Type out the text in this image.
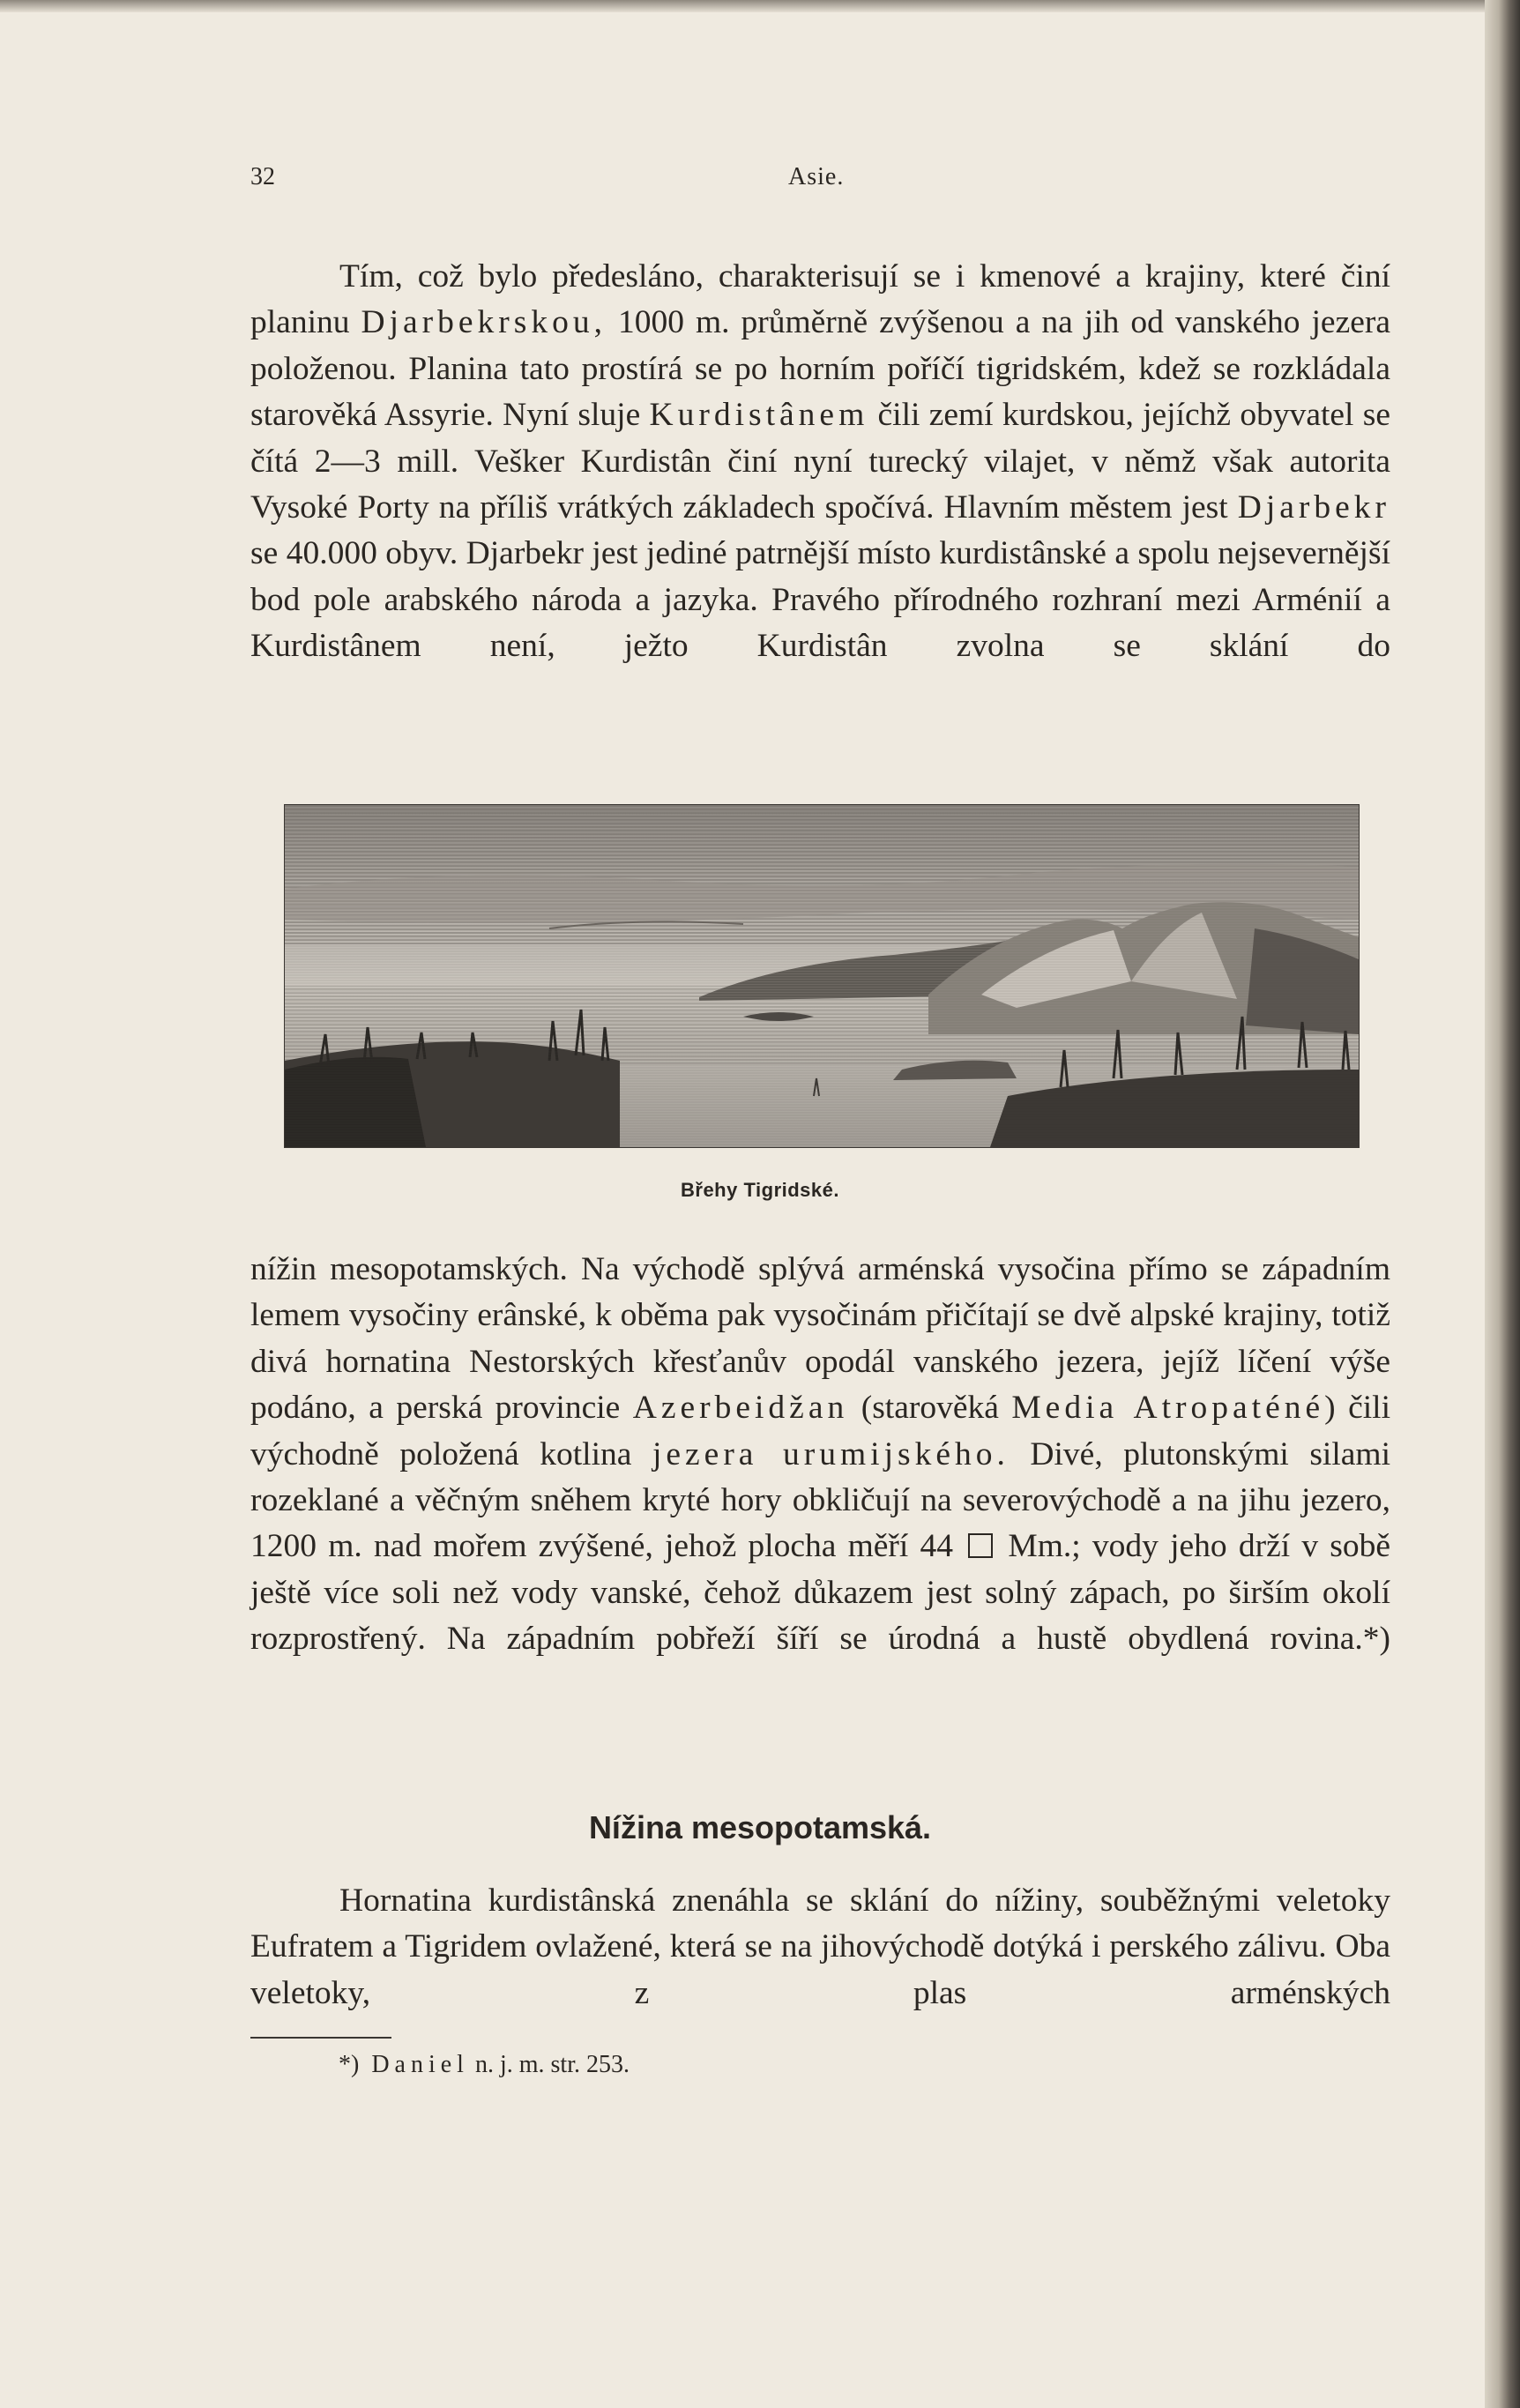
32	Asie.

Tím, což bylo předesláno, charakterisují se i kmenové a krajiny, které činí planinu Djarbekrskou, 1000 m. průměrně zvýšenou a na jih od vanského jezera položenou. Planina tato prostírá se po horním poříčí tigridském, kdež se rozkládala starověká Assyrie. Nyní sluje Kurdistânem čili zemí kurdskou, jejíchž obyvatel se čítá 2—3 mill. Vešker Kurdistân činí nyní turecký vilajet, v němž však autorita Vysoké Porty na příliš vrátkých základech spočívá. Hlavním městem jest Djarbekr se 40.000 obyv. Djarbekr jest jediné patrnější místo kurdistânské a spolu nejsevernější bod pole arabského národa a jazyka. Pravého přírodného rozhraní mezi Arménií a Kurdistânem není, ježto Kurdistân zvolna se sklání do

Břehy Tigridské.

nížin mesopotamských. Na východě splývá arménská vysočina přímo se západním lemem vysočiny erânské, k oběma pak vysočinám přičítají se dvě alpské krajiny, totiž divá hornatina Nestorských křesťanův opodál vanského jezera, jejíž líčení výše podáno, a perská provincie Azerbeidžan (starověká Media Atropaténé) čili východně položená kotlina jezera urumijského. Divé, plutonskými silami rozeklané a věčným sněhem kryté hory obkličují na severovýchodě a na jihu jezero, 1200 m. nad mořem zvýšené, jehož plocha měří 44 Mm.; vody jeho drží v sobě ještě více soli než vody vanské, čehož důkazem jest solný zápach, po širším okolí rozprostřený. Na západním pobřeží šíří se úrodná a hustě obydlená rovina.*)

Nížina mesopotamská.

Hornatina kurdistânská znenáhla se sklání do nížiny, souběžnými veletoky Eufratem a Tigridem ovlažené, která se na jihovýchodě dotýká i perského zálivu. Oba veletoky, z plas arménských

*) Daniel n. j. m. str. 253.
